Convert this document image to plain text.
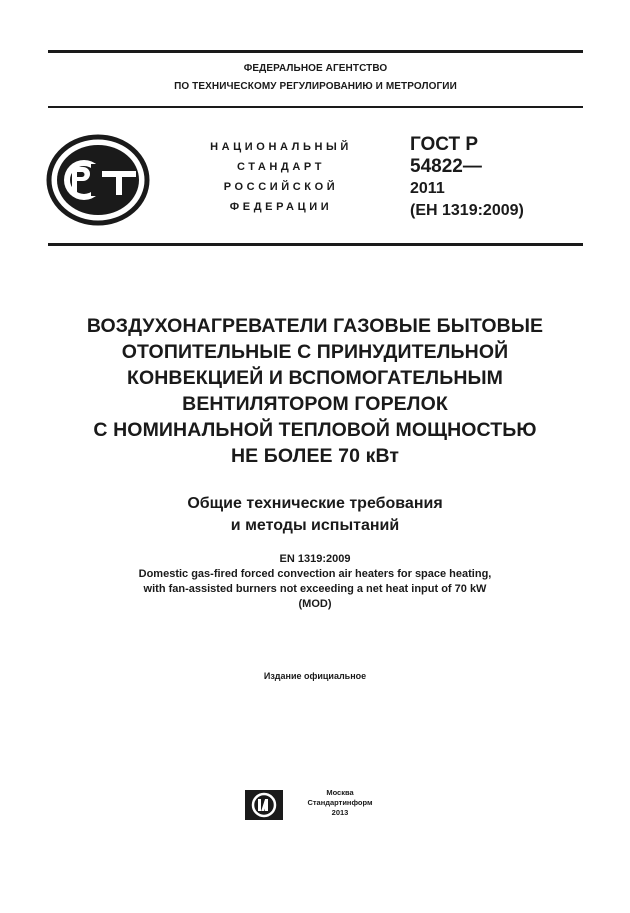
ФЕДЕРАЛЬНОЕ АГЕНТСТВО
ПО ТЕХНИЧЕСКОМУ РЕГУЛИРОВАНИЮ И МЕТРОЛОГИИ
НАЦИОНАЛЬНЫЙ
СТАНДАРТ
РОССИЙСКОЙ
ФЕДЕРАЦИИ
ГОСТ Р
54822—
2011
(ЕН 1319:2009)
ВОЗДУХОНАГРЕВАТЕЛИ ГАЗОВЫЕ БЫТОВЫЕ
ОТОПИТЕЛЬНЫЕ С ПРИНУДИТЕЛЬНОЙ
КОНВЕКЦИЕЙ И ВСПОМОГАТЕЛЬНЫМ
ВЕНТИЛЯТОРОМ ГОРЕЛОК
С НОМИНАЛЬНОЙ ТЕПЛОВОЙ МОЩНОСТЬЮ
НЕ БОЛЕЕ 70 кВт
Общие технические требования
и методы испытаний
EN 1319:2009
Domestic gas-fired forced convection air heaters for space heating,
with fan-assisted burners not exceeding a net heat input of 70 kW
(MOD)
Издание официальное
Москва
Стандартинформ
2013
